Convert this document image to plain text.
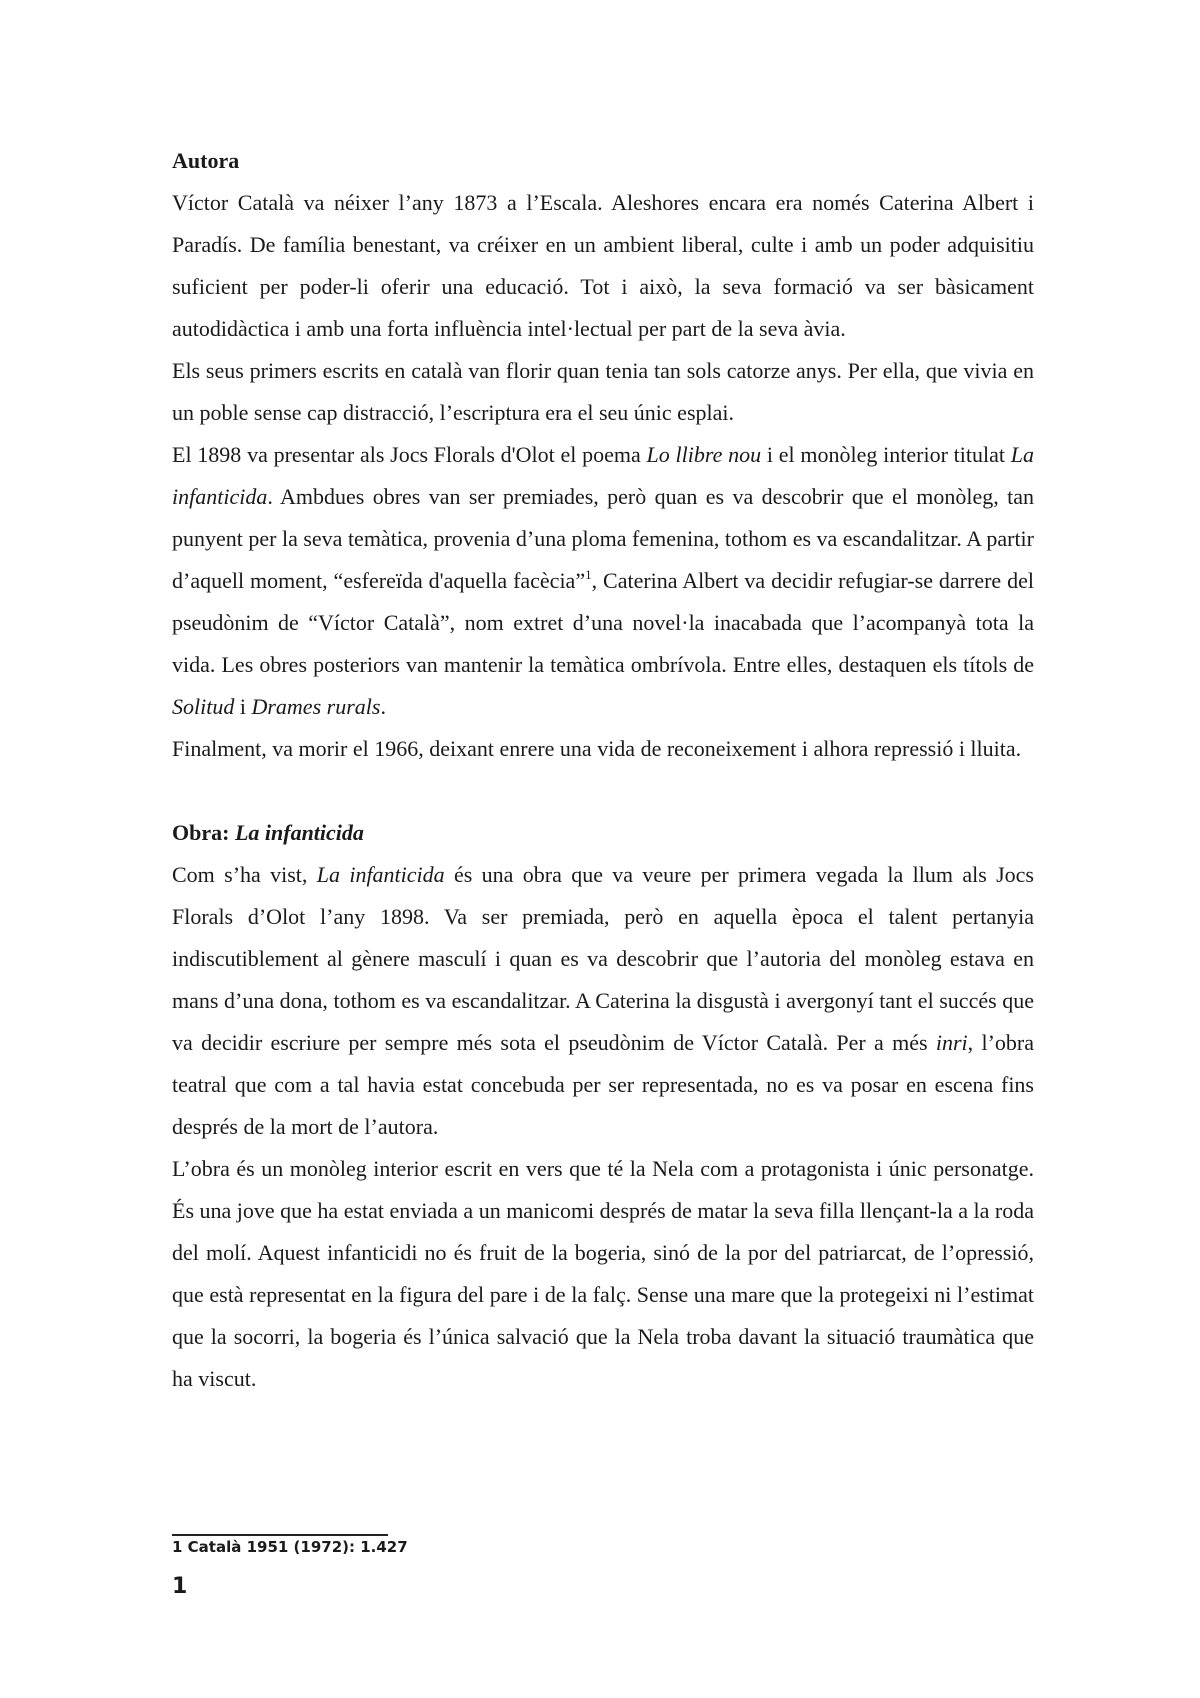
Autora

Víctor Català va néixer l’any 1873 a l’Escala. Aleshores encara era només Caterina Albert i Paradís. De família benestant, va créixer en un ambient liberal, culte i amb un poder adquisitiu suficient per poder-li oferir una educació. Tot i això, la seva formació va ser bàsicament autodidàctica i amb una forta influència intel·lectual per part de la seva àvia.

Els seus primers escrits en català van florir quan tenia tan sols catorze anys. Per ella, que vivia en un poble sense cap distracció, l’escriptura era el seu únic esplai.

El 1898 va presentar als Jocs Florals d'Olot el poema Lo llibre nou i el monòleg interior titulat La infanticida. Ambdues obres van ser premiades, però quan es va descobrir que el monòleg, tan punyent per la seva temàtica, provenia d’una ploma femenina, tothom es va escandalitzar. A partir d’aquell moment, “esfereïda d'aquella facècia”$^1$, Caterina Albert va decidir refugiar-se darrere del pseudònim de “Víctor Català”, nom extret d’una novel·la inacabada que l’acompanyà tota la vida. Les obres posteriors van mantenir la temàtica ombrívola. Entre elles, destaquen els títols de Solitud i Drames rurals.

Finalment, va morir el 1966, deixant enrere una vida de reconeixement i alhora repressió i lluita.

Obra: La infanticida

Com s’ha vist, La infanticida és una obra que va veure per primera vegada la llum als Jocs Florals d’Olot l’any 1898. Va ser premiada, però en aquella època el talent pertanyia indiscutiblement al gènere masculí i quan es va descobrir que l’autoria del monòleg estava en mans d’una dona, tothom es va escandalitzar. A Caterina la disgustà i avergonyí tant el succés que va decidir escriure per sempre més sota el pseudònim de Víctor Català. Per a més inri, l’obra teatral que com a tal havia estat concebuda per ser representada, no es va posar en escena fins després de la mort de l’autora.

L’obra és un monòleg interior escrit en vers que té la Nela com a protagonista i únic personatge. És una jove que ha estat enviada a un manicomi després de matar la seva filla llençant-la a la roda del molí. Aquest infanticidi no és fruit de la bogeria, sinó de la por del patriarcat, de l’opressió, que està representat en la figura del pare i de la falç. Sense una mare que la protegeixi ni l’estimat que la socorri, la bogeria és l’única salvació que la Nela troba davant la situació traumàtica que ha viscut.

1 Català 1951 (1972): 1.427
1
